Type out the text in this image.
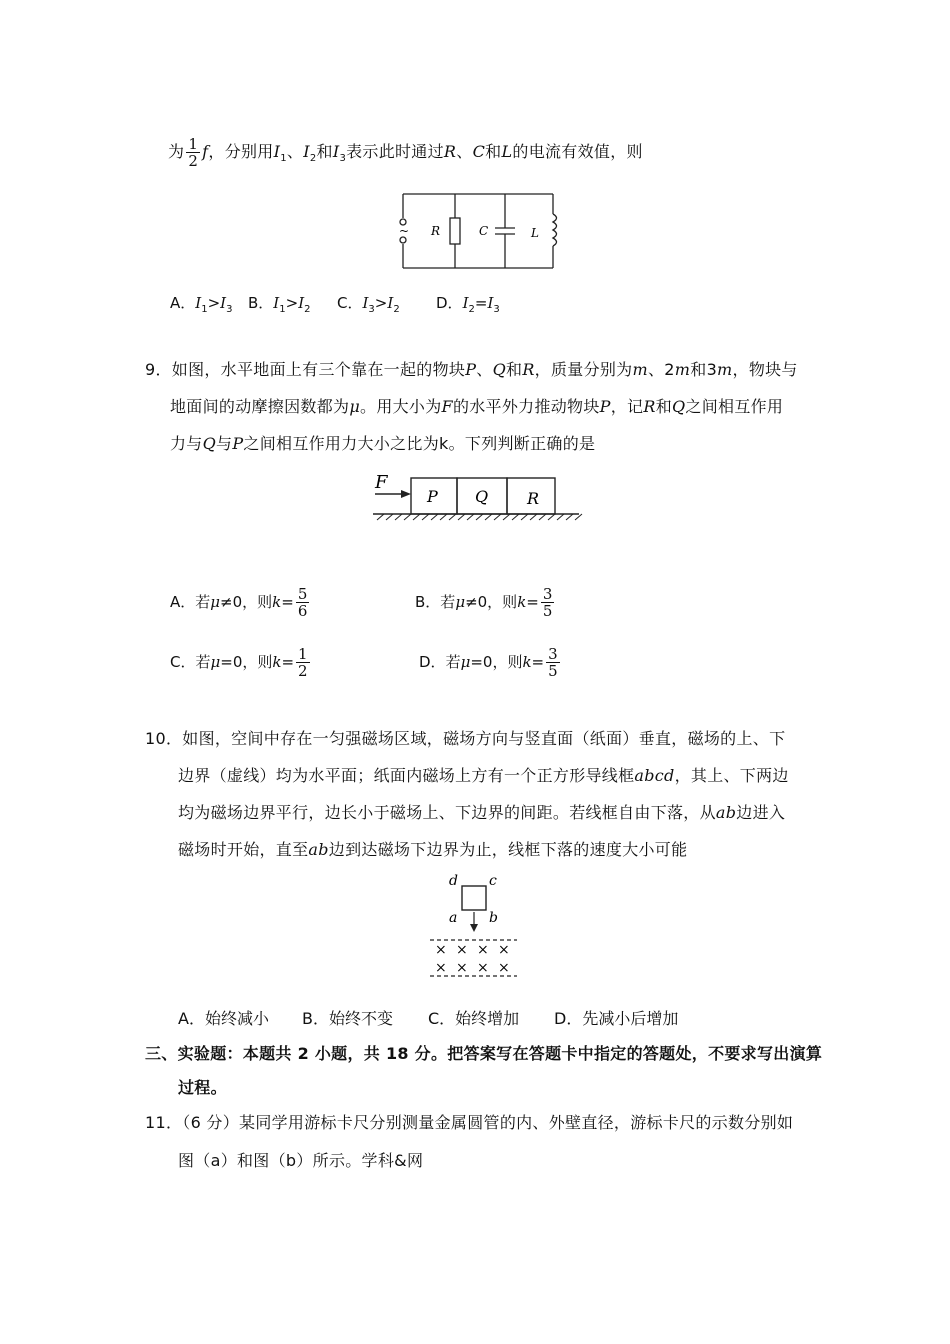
为 $\frac{1}{2}$ f，分别用$I_1$、$I_2$和$I_3$表示此时通过R、C和L的电流有效值，则
~ R	C	L
A．$I_1>I_3$ B．$I_1>I_2$ C．$I_3>I_2$ D．$I_2=I_3$
9．如图，水平地面上有三个靠在一起的物块P、Q和R，质量分别为m、2m和3m，物块与
地面间的动摩擦因数都为μ。用大小为F的水平外力推动物块P，记R和Q之间相互作用
力与Q与P之间相互作用力大小之比为k。下列判断正确的是
F
P Q R
A．若μ≠0，则$k= \frac{5}{6}$	B．若μ≠0，则$k= \frac{3}{5}$
C．若μ=0，则$k= \frac{1}{2}$	D．若μ=0，则$k= \frac{3}{5}$
10．如图，空间中存在一匀强磁场区域，磁场方向与竖直面（纸面）垂直，磁场的上、下
边界（虚线）均为水平面；纸面内磁场上方有一个正方形导线框abcd，其上、下两边
均为磁场边界平行，边长小于磁场上、下边界的间距。若线框自由下落，从ab边进入
磁场时开始，直至ab边到达磁场下边界为止，线框下落的速度大小可能
d c
a b
× × × ×
× × × ×
A．始终减小 B．始终不变 C．始终增加 D．先减小后增加
三、实验题：本题共 2 小题，共 18 分。把答案写在答题卡中指定的答题处，不要求写出演算
过程。
11．（6 分）某同学用游标卡尺分别测量金属圆管的内、外壁直径，游标卡尺的示数分别如
图（a）和图（b）所示。学科&网
